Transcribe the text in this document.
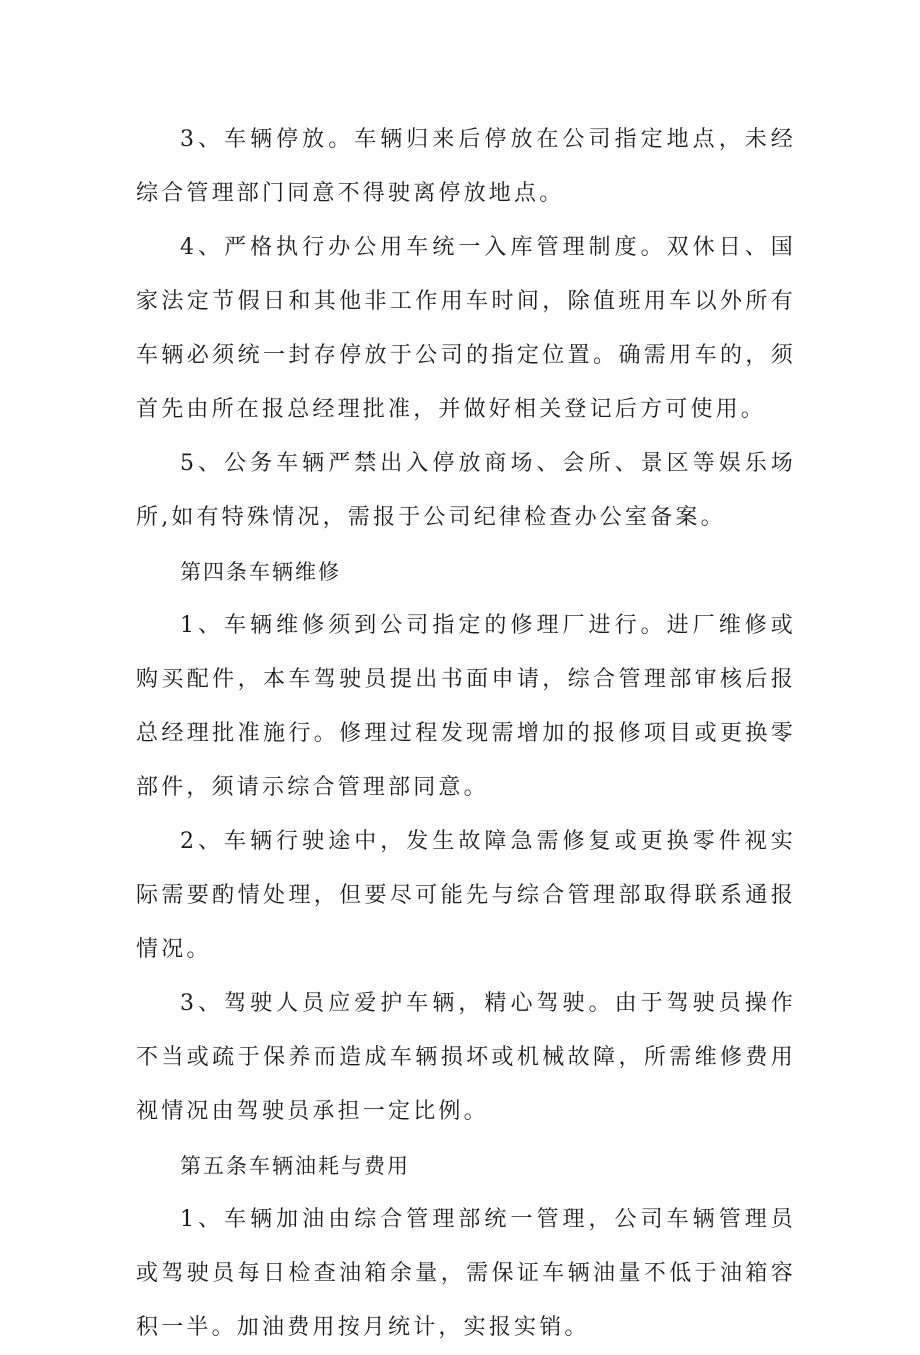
3、车辆停放。车辆归来后停放在公司指定地点，未经综合管理部门同意不得驶离停放地点。

4、严格执行办公用车统一入库管理制度。双休日、国家法定节假日和其他非工作用车时间，除值班用车以外所有车辆必须统一封存停放于公司的指定位置。确需用车的，须首先由所在报总经理批准，并做好相关登记后方可使用。

5、公务车辆严禁出入停放商场、会所、景区等娱乐场所,如有特殊情况，需报于公司纪律检查办公室备案。

第四条车辆维修

1、车辆维修须到公司指定的修理厂进行。进厂维修或购买配件，本车驾驶员提出书面申请，综合管理部审核后报总经理批准施行。修理过程发现需增加的报修项目或更换零部件，须请示综合管理部同意。

2、车辆行驶途中，发生故障急需修复或更换零件视实际需要酌情处理，但要尽可能先与综合管理部取得联系通报情况。

3、驾驶人员应爱护车辆，精心驾驶。由于驾驶员操作不当或疏于保养而造成车辆损坏或机械故障，所需维修费用视情况由驾驶员承担一定比例。

第五条车辆油耗与费用

1、车辆加油由综合管理部统一管理，公司车辆管理员或驾驶员每日检查油箱余量，需保证车辆油量不低于油箱容积一半。加油费用按月统计，实报实销。
